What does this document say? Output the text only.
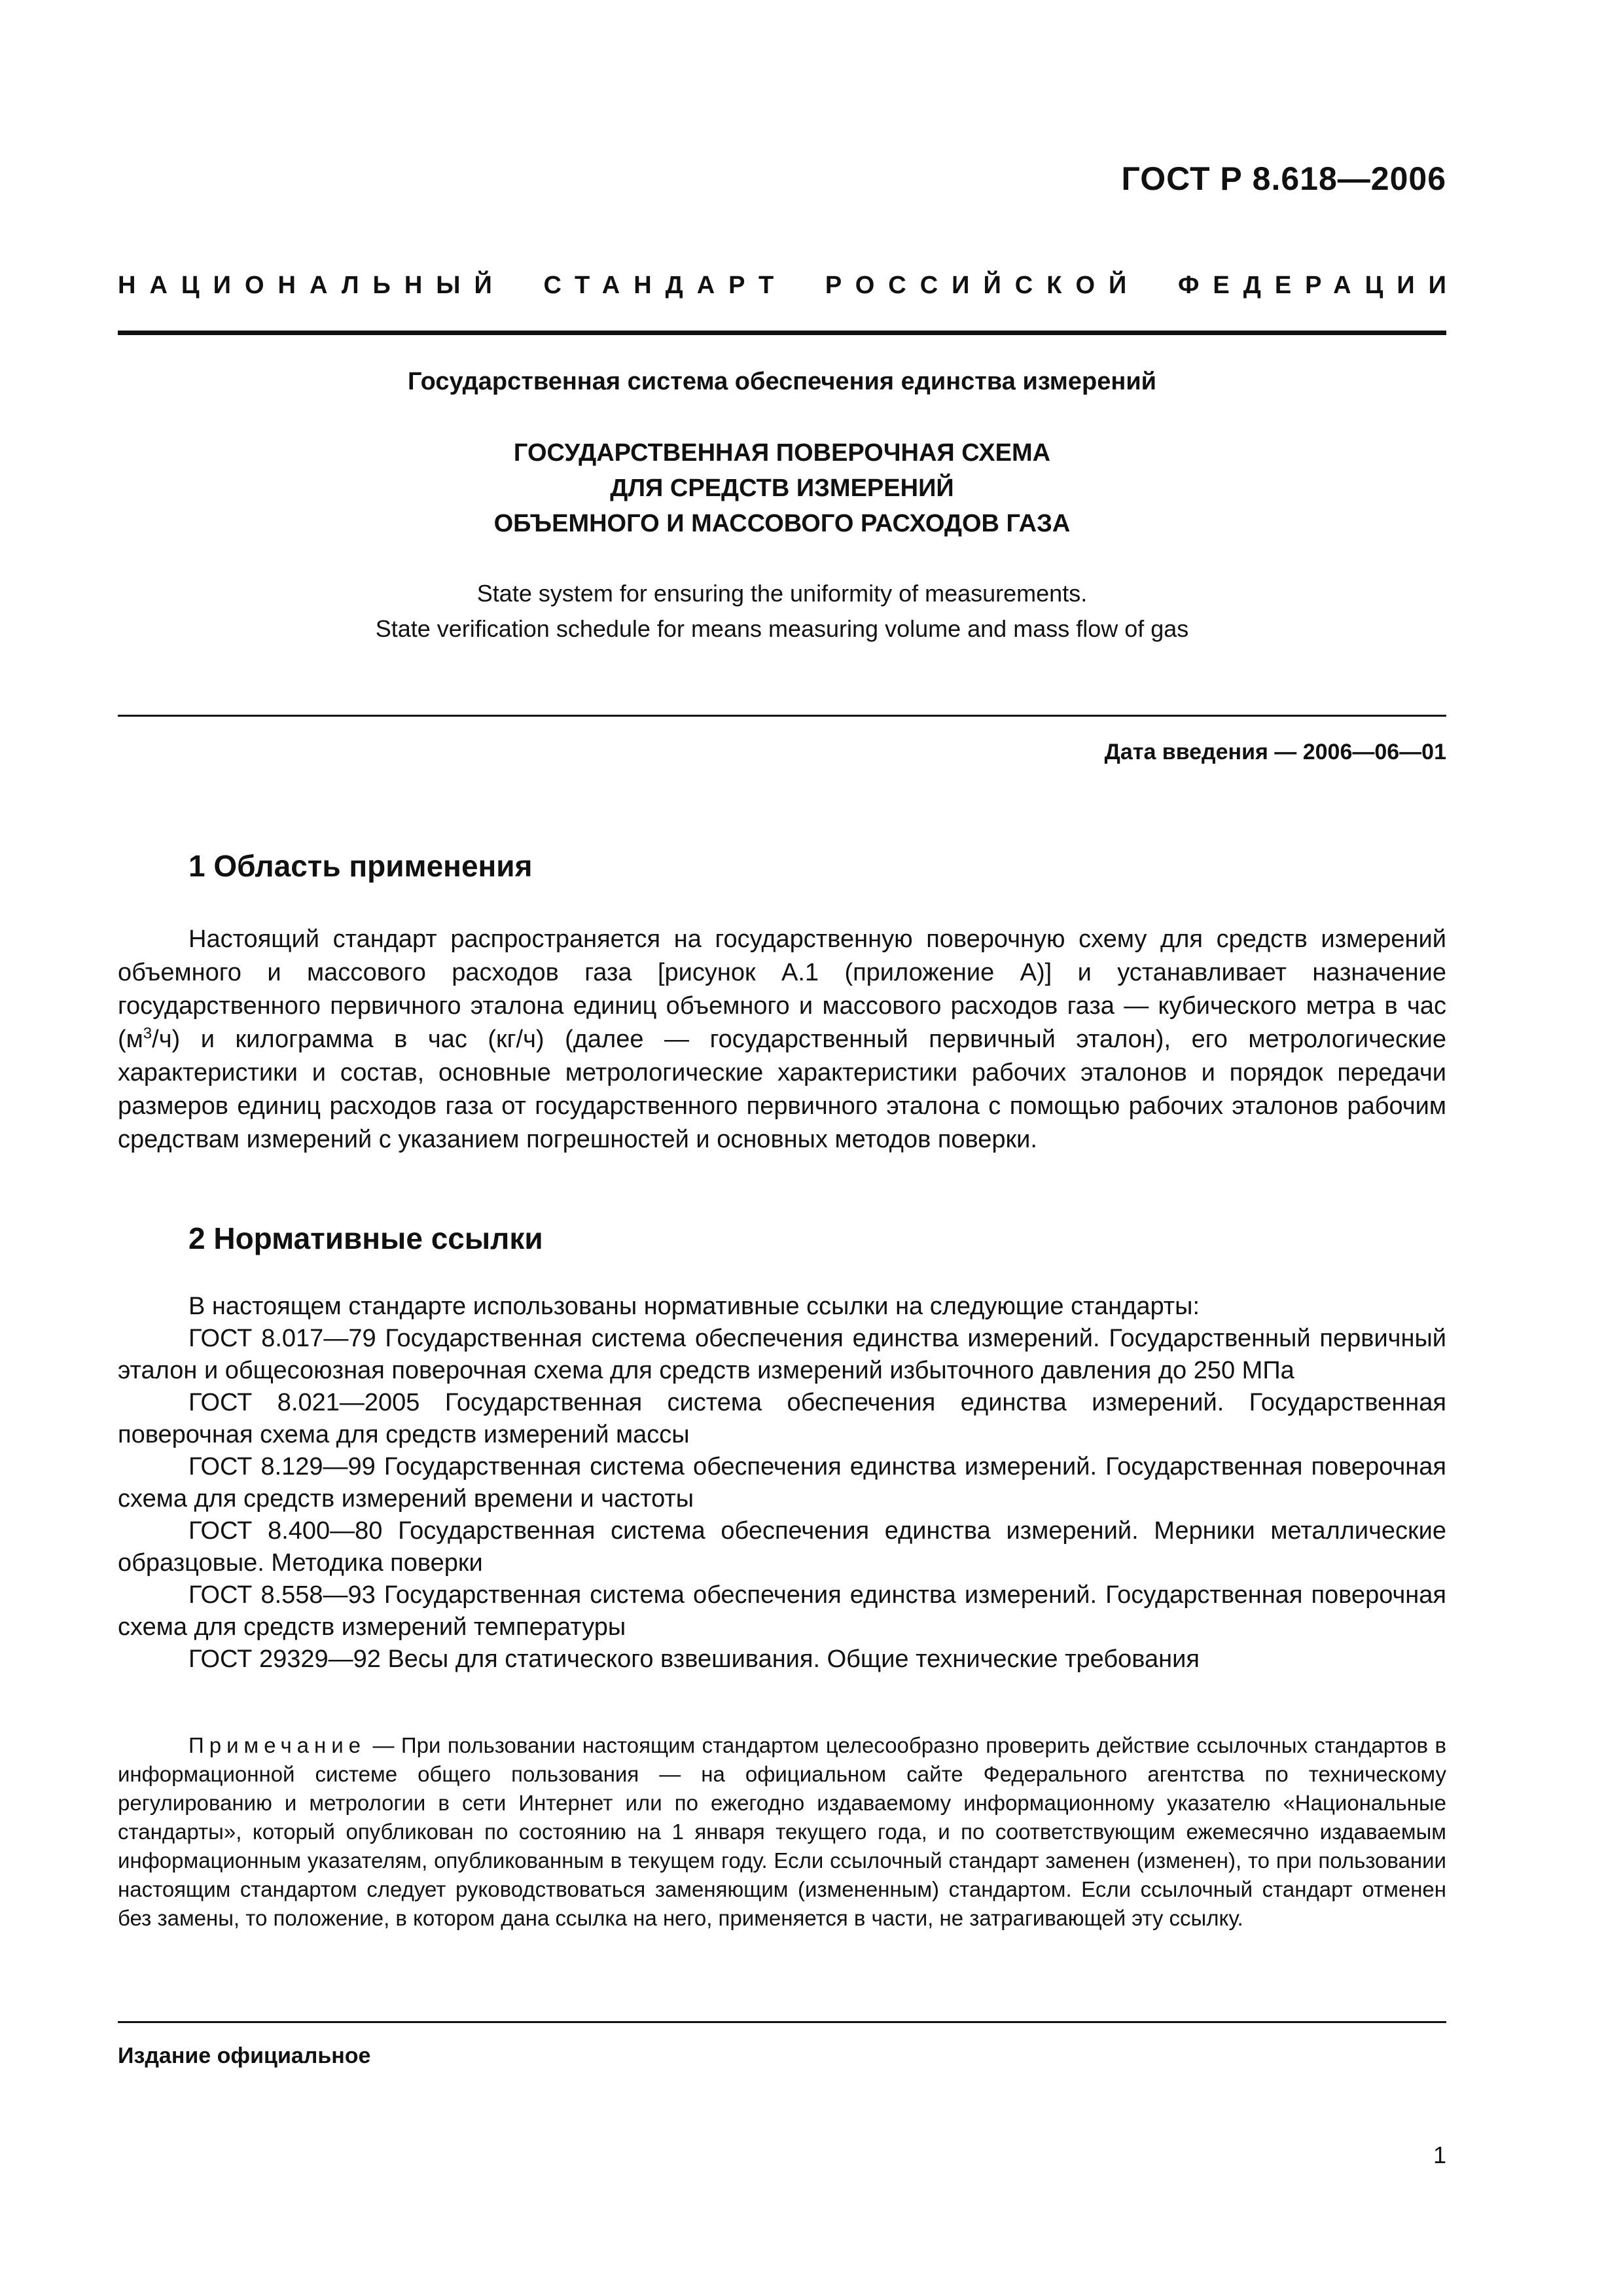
ГОСТ Р 8.618—2006
НАЦИОНАЛЬНЫЙ СТАНДАРТ РОССИЙСКОЙ ФЕДЕРАЦИИ
Государственная система обеспечения единства измерений
ГОСУДАРСТВЕННАЯ ПОВЕРОЧНАЯ СХЕМА
ДЛЯ СРЕДСТВ ИЗМЕРЕНИЙ
ОБЪЕМНОГО И МАССОВОГО РАСХОДОВ ГАЗА
State system for ensuring the uniformity of measurements.
State verification schedule for means measuring volume and mass flow of gas
Дата введения — 2006—06—01
1 Область применения

Настоящий стандарт распространяется на государственную поверочную схему для средств измерений объемного и массового расходов газа [рисунок А.1 (приложение А)] и устанавливает назначение государственного первичного эталона единиц объемного и массового расходов газа — кубического метра в час $(м^3/ч)$ и килограмма в час (кг/ч) (далее — государственный первичный эталон), его метрологические характеристики и состав, основные метрологические характеристики рабочих эталонов и порядок передачи размеров единиц расходов газа от государственного первичного эталона с помощью рабочих эталонов рабочим средствам измерений с указанием погрешностей и основных методов поверки.

2 Нормативные ссылки

В настоящем стандарте использованы нормативные ссылки на следующие стандарты:

ГОСТ 8.017—79 Государственная система обеспечения единства измерений. Государственный первичный эталон и общесоюзная поверочная схема для средств измерений избыточного давления до 250 МПа

ГОСТ 8.021—2005 Государственная система обеспечения единства измерений. Государственная поверочная схема для средств измерений массы

ГОСТ 8.129—99 Государственная система обеспечения единства измерений. Государственная поверочная схема для средств измерений времени и частоты

ГОСТ 8.400—80 Государственная система обеспечения единства измерений. Мерники металлические образцовые. Методика поверки

ГОСТ 8.558—93 Государственная система обеспечения единства измерений. Государственная поверочная схема для средств измерений температуры

ГОСТ 29329—92 Весы для статического взвешивания. Общие технические требования

Примечание — При пользовании настоящим стандартом целесообразно проверить действие ссылочных стандартов в информационной системе общего пользования — на официальном сайте Федерального агентства по техническому регулированию и метрологии в сети Интернет или по ежегодно издаваемому информационному указателю «Национальные стандарты», который опубликован по состоянию на 1 января текущего года, и по соответствующим ежемесячно издаваемым информационным указателям, опубликованным в текущем году. Если ссылочный стандарт заменен (изменен), то при пользовании настоящим стандартом следует руководствоваться заменяющим (измененным) стандартом. Если ссылочный стандарт отменен без замены, то положение, в котором дана ссылка на него, применяется в части, не затрагивающей эту ссылку.

Издание официальное
1
